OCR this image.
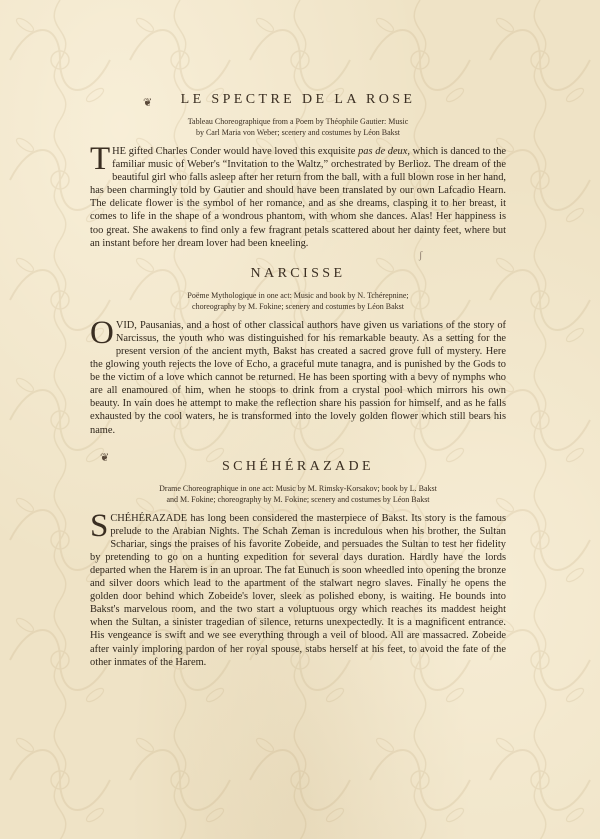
❦
❦
ʃ
LE SPECTRE DE LA ROSE

Tableau Choreographique from a Poem by Théophile Gautier: Music
by Carl Maria von Weber; scenery and costumes by Léon Bakst

THE gifted Charles Conder would have loved this exquisite pas de deux, which is danced to the familiar music of Weber's “Invitation to the Waltz,” orchestrated by Berlioz. The dream of the beautiful girl who falls asleep after her return from the ball, with a full blown rose in her hand, has been charmingly told by Gautier and should have been translated by our own Lafcadio Hearn. The delicate flower is the symbol of her romance, and as she dreams, clasping it to her breast, it comes to life in the shape of a wondrous phantom, with whom she dances. Alas! Her happiness is too great. She awakens to find only a few fragrant petals scattered about her dainty feet, where but an instant before her dream lover had been kneeling.

NARCISSE

Poëme Mythologique in one act: Music and book by N. Tchérepnine;
choreography by M. Fokine; scenery and costumes by Léon Bakst

OVID, Pausanias, and a host of other classical authors have given us variations of the story of Narcissus, the youth who was distinguished for his remarkable beauty. As a setting for the present version of the ancient myth, Bakst has created a sacred grove full of mystery. Here the glowing youth rejects the love of Echo, a graceful mute tanagra, and is punished by the Gods to be the victim of a love which cannot be returned. He has been sporting with a bevy of nymphs who are all enamoured of him, when he stoops to drink from a crystal pool which mirrors his own beauty. In vain does he attempt to make the reflection share his passion for himself, and as he falls exhausted by the cool waters, he is transformed into the lovely golden flower which still bears his name.

SCHÉHÉRAZADE

Drame Choreographique in one act: Music by M. Rimsky-Korsakov; book by L. Bakst
and M. Fokine; choreography by M. Fokine; scenery and costumes by Léon Bakst

SCHÉHÉRAZADE has long been considered the masterpiece of Bakst. Its story is the famous prelude to the Arabian Nights. The Schah Zeman is incredulous when his brother, the Sultan Schariar, sings the praises of his favorite Zobeide, and persuades the Sultan to test her fidelity by pretending to go on a hunting expedition for several days duration. Hardly have the lords departed when the Harem is in an uproar. The fat Eunuch is soon wheedled into opening the bronze and silver doors which lead to the apartment of the stalwart negro slaves. Finally he opens the golden door behind which Zobeide's lover, sleek as polished ebony, is waiting. He bounds into Bakst's marvelous room, and the two start a voluptuous orgy which reaches its maddest height when the Sultan, a sinister tragedian of silence, returns unexpectedly. It is a magnificent entrance. His vengeance is swift and we see everything through a veil of blood. All are massacred. Zobeide after vainly imploring pardon of her royal spouse, stabs herself at his feet, to avoid the fate of the other inmates of the Harem.
